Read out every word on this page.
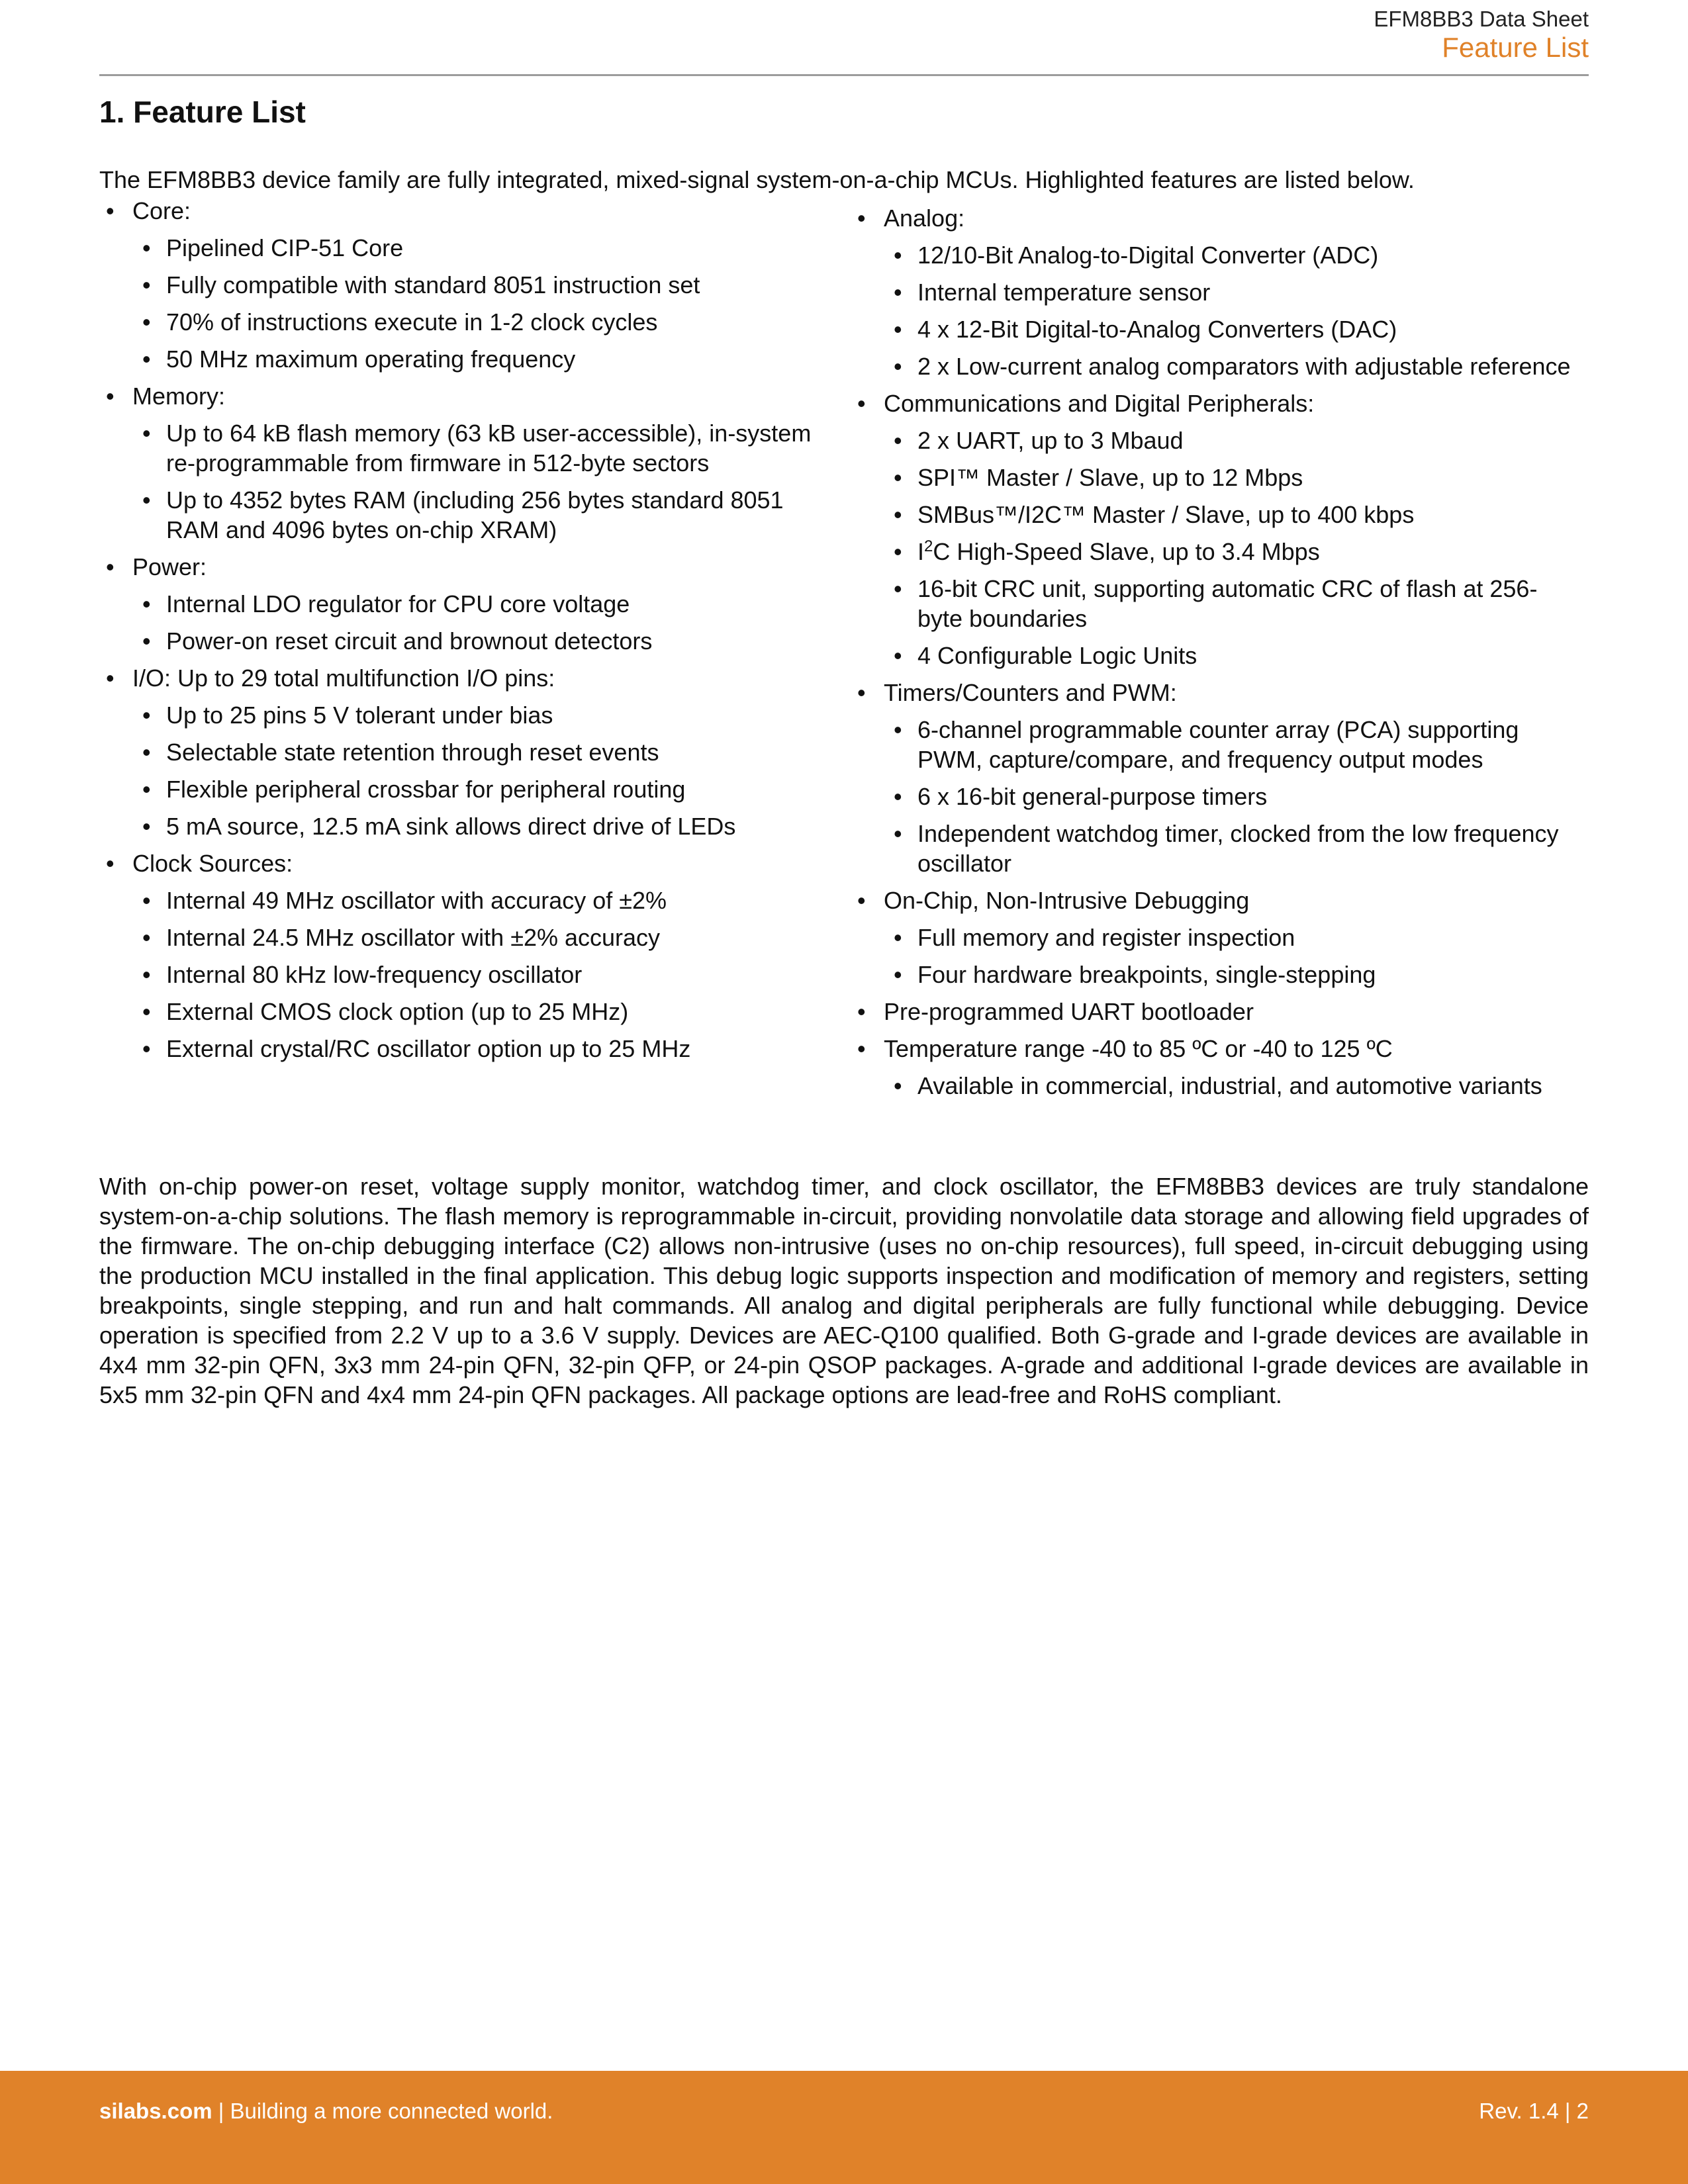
EFM8BB3 Data Sheet
Feature List
1. Feature List

The EFM8BB3 device family are fully integrated, mixed-signal system-on-a-chip MCUs. Highlighted features are listed below.

• Core:
• Pipelined CIP-51 Core
• Fully compatible with standard 8051 instruction set
• 70% of instructions execute in 1-2 clock cycles
• 50 MHz maximum operating frequency
• Memory:
• Up to 64 kB flash memory (63 kB user-accessible), in-system re-programmable from firmware in 512-byte sectors
• Up to 4352 bytes RAM (including 256 bytes standard 8051 RAM and 4096 bytes on-chip XRAM)
• Power:
• Internal LDO regulator for CPU core voltage
• Power-on reset circuit and brownout detectors
• I/O: Up to 29 total multifunction I/O pins:
• Up to 25 pins 5 V tolerant under bias
• Selectable state retention through reset events
• Flexible peripheral crossbar for peripheral routing
• 5 mA source, 12.5 mA sink allows direct drive of LEDs
• Clock Sources:
• Internal 49 MHz oscillator with accuracy of ±2%
• Internal 24.5 MHz oscillator with ±2% accuracy
• Internal 80 kHz low-frequency oscillator
• External CMOS clock option (up to 25 MHz)
• External crystal/RC oscillator option up to 25 MHz
• Analog:
• 12/10-Bit Analog-to-Digital Converter (ADC)
• Internal temperature sensor
• 4 x 12-Bit Digital-to-Analog Converters (DAC)
• 2 x Low-current analog comparators with adjustable reference
• Communications and Digital Peripherals:
• 2 x UART, up to 3 Mbaud
• SPI™ Master / Slave, up to 12 Mbps
• SMBus™/I2C™ Master / Slave, up to 400 kbps
• $I^2C$ High-Speed Slave, up to 3.4 Mbps
• 16-bit CRC unit, supporting automatic CRC of flash at 256-byte boundaries
• 4 Configurable Logic Units
• Timers/Counters and PWM:
• 6-channel programmable counter array (PCA) supporting PWM, capture/compare, and frequency output modes
• 6 x 16-bit general-purpose timers
• Independent watchdog timer, clocked from the low frequency oscillator
• On-Chip, Non-Intrusive Debugging
• Full memory and register inspection
• Four hardware breakpoints, single-stepping
• Pre-programmed UART bootloader
• Temperature range -40 to 85 ºC or -40 to 125 ºC
• Available in commercial, industrial, and automotive variants

With on-chip power-on reset, voltage supply monitor, watchdog timer, and clock oscillator, the EFM8BB3 devices are truly standalone system-on-a-chip solutions. The flash memory is reprogrammable in-circuit, providing nonvolatile data storage and allowing field upgrades of the firmware. The on-chip debugging interface (C2) allows non-intrusive (uses no on-chip resources), full speed, in-circuit debugging using the production MCU installed in the final application. This debug logic supports inspection and modification of memory and registers, setting breakpoints, single stepping, and run and halt commands. All analog and digital peripherals are fully functional while debugging. Device operation is specified from 2.2 V up to a 3.6 V supply. Devices are AEC-Q100 qualified. Both G-grade and I-grade devices are available in 4x4 mm 32-pin QFN, 3x3 mm 24-pin QFN, 32-pin QFP, or 24-pin QSOP packages. A-grade and additional I-grade devices are available in 5x5 mm 32-pin QFN and 4x4 mm 24-pin QFN packages. All package options are lead-free and RoHS compliant.

silabs.com | Building a more connected world.	Rev. 1.4 | 2
